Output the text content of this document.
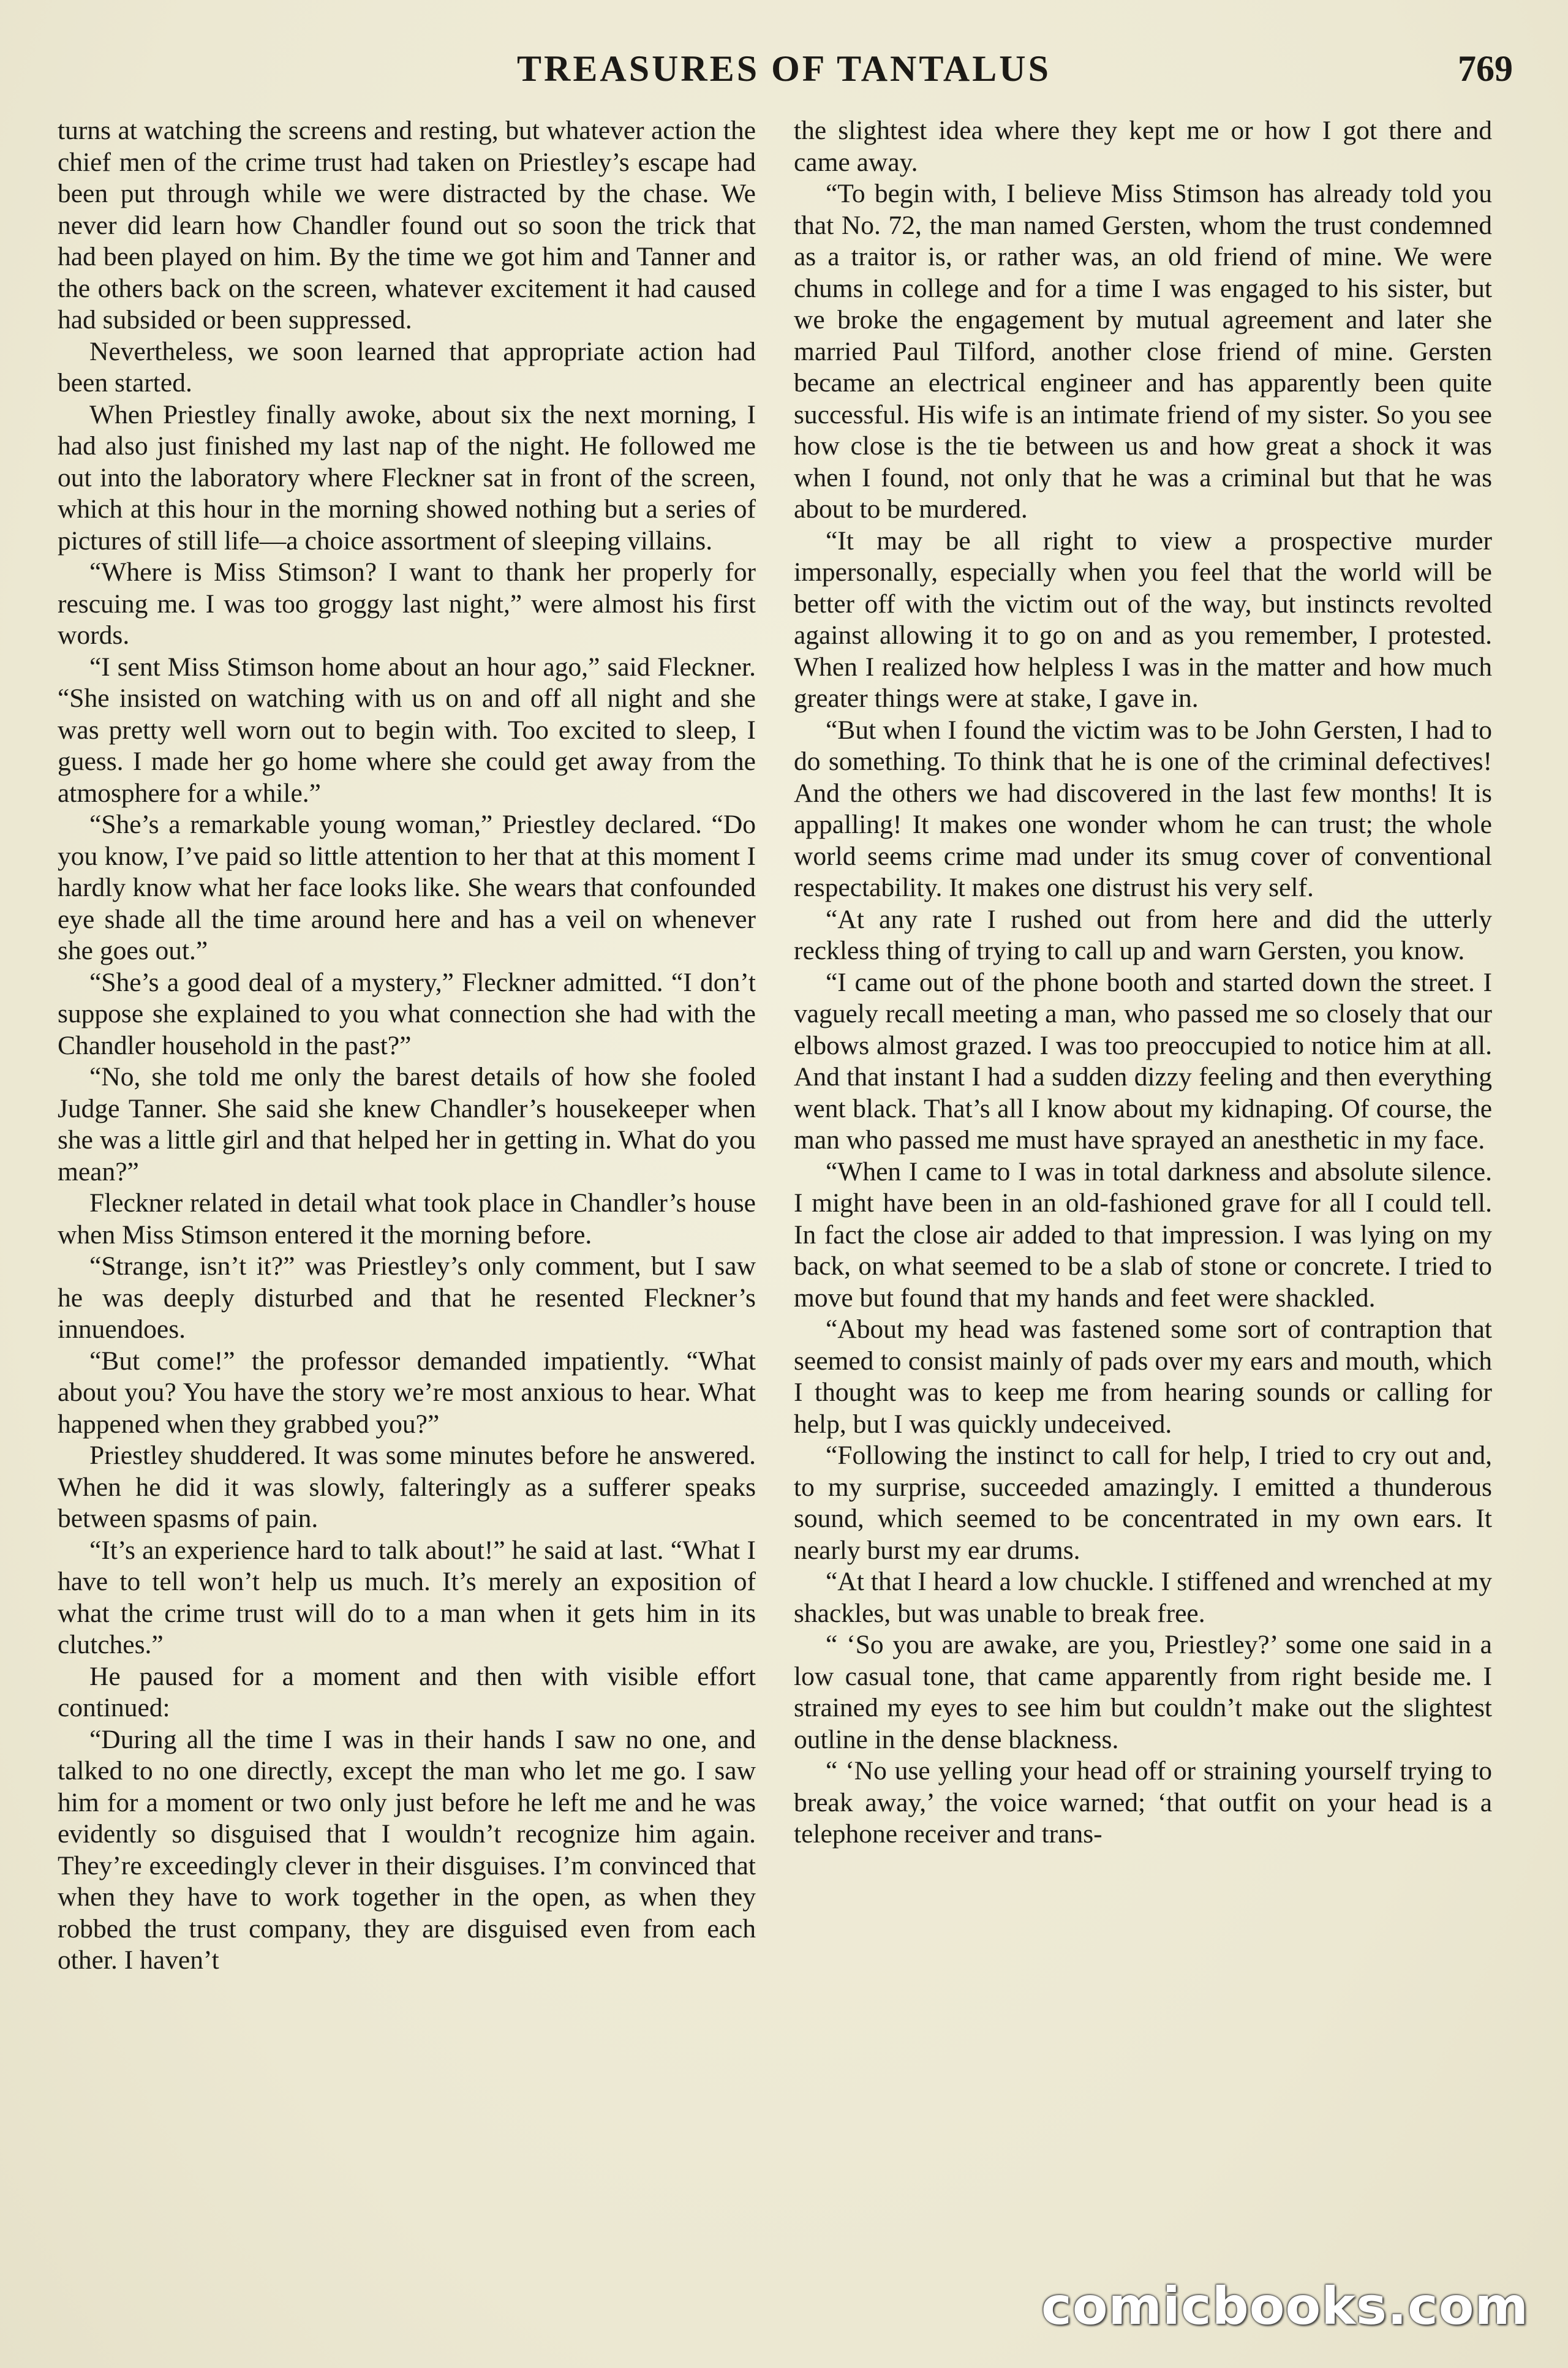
TREASURES OF TANTALUS	769

turns at watching the screens and resting, but whatever action the chief men of the crime trust had taken on Priestley’s escape had been put through while we were distracted by the chase. We never did learn how Chandler found out so soon the trick that had been played on him. By the time we got him and Tanner and the others back on the screen, whatever excitement it had caused had subsided or been suppressed.

Nevertheless, we soon learned that appropriate action had been started.

When Priestley finally awoke, about six the next morning, I had also just finished my last nap of the night. He followed me out into the laboratory where Fleckner sat in front of the screen, which at this hour in the morning showed nothing but a series of pictures of still life—a choice assortment of sleeping villains.

“Where is Miss Stimson? I want to thank her properly for rescuing me. I was too groggy last night,” were almost his first words.

“I sent Miss Stimson home about an hour ago,” said Fleckner. “She insisted on watching with us on and off all night and she was pretty well worn out to begin with. Too excited to sleep, I guess. I made her go home where she could get away from the atmosphere for a while.”

“She’s a remarkable young woman,” Priestley declared. “Do you know, I’ve paid so little attention to her that at this moment I hardly know what her face looks like. She wears that confounded eye shade all the time around here and has a veil on whenever she goes out.”

“She’s a good deal of a mystery,” Fleckner admitted. “I don’t suppose she explained to you what connection she had with the Chandler household in the past?”

“No, she told me only the barest details of how she fooled Judge Tanner. She said she knew Chandler’s housekeeper when she was a little girl and that helped her in getting in. What do you mean?”

Fleckner related in detail what took place in Chandler’s house when Miss Stimson entered it the morning before.

“Strange, isn’t it?” was Priestley’s only comment, but I saw he was deeply disturbed and that he resented Fleckner’s innuendoes.

“But come!” the professor demanded impatiently. “What about you? You have the story we’re most anxious to hear. What happened when they grabbed you?”

Priestley shuddered. It was some minutes before he answered. When he did it was slowly, falteringly as a sufferer speaks between spasms of pain.

“It’s an experience hard to talk about!” he said at last. “What I have to tell won’t help us much. It’s merely an exposition of what the crime trust will do to a man when it gets him in its clutches.”

He paused for a moment and then with visible effort continued:

“During all the time I was in their hands I saw no one, and talked to no one directly, except the man who let me go. I saw him for a moment or two only just before he left me and he was evidently so disguised that I wouldn’t recognize him again. They’re exceedingly clever in their disguises. I’m convinced that when they have to work together in the open, as when they robbed the trust company, they are disguised even from each other. I haven’t

the slightest idea where they kept me or how I got there and came away.

“To begin with, I believe Miss Stimson has already told you that No. 72, the man named Gersten, whom the trust condemned as a traitor is, or rather was, an old friend of mine. We were chums in college and for a time I was engaged to his sister, but we broke the engagement by mutual agreement and later she married Paul Tilford, another close friend of mine. Gersten became an electrical engineer and has apparently been quite successful. His wife is an intimate friend of my sister. So you see how close is the tie between us and how great a shock it was when I found, not only that he was a criminal but that he was about to be murdered.

“It may be all right to view a prospective murder impersonally, especially when you feel that the world will be better off with the victim out of the way, but instincts revolted against allowing it to go on and as you remember, I protested. When I realized how helpless I was in the matter and how much greater things were at stake, I gave in.

“But when I found the victim was to be John Gersten, I had to do something. To think that he is one of the criminal defectives! And the others we had discovered in the last few months! It is appalling! It makes one wonder whom he can trust; the whole world seems crime mad under its smug cover of conventional respectability. It makes one distrust his very self.

“At any rate I rushed out from here and did the utterly reckless thing of trying to call up and warn Gersten, you know.

“I came out of the phone booth and started down the street. I vaguely recall meeting a man, who passed me so closely that our elbows almost grazed. I was too preoccupied to notice him at all. And that instant I had a sudden dizzy feeling and then everything went black. That’s all I know about my kidnaping. Of course, the man who passed me must have sprayed an anesthetic in my face.

“When I came to I was in total darkness and absolute silence. I might have been in an old-fashioned grave for all I could tell. In fact the close air added to that impression. I was lying on my back, on what seemed to be a slab of stone or concrete. I tried to move but found that my hands and feet were shackled.

“About my head was fastened some sort of contraption that seemed to consist mainly of pads over my ears and mouth, which I thought was to keep me from hearing sounds or calling for help, but I was quickly undeceived.

“Following the instinct to call for help, I tried to cry out and, to my surprise, succeeded amazingly. I emitted a thunderous sound, which seemed to be concentrated in my own ears. It nearly burst my ear drums.

“At that I heard a low chuckle. I stiffened and wrenched at my shackles, but was unable to break free.

“ ‘So you are awake, are you, Priestley?’ some one said in a low casual tone, that came apparently from right beside me. I strained my eyes to see him but couldn’t make out the slightest outline in the dense blackness.

“ ‘No use yelling your head off or straining yourself trying to break away,’ the voice warned; ‘that outfit on your head is a telephone receiver and trans-

comicbooks.com
